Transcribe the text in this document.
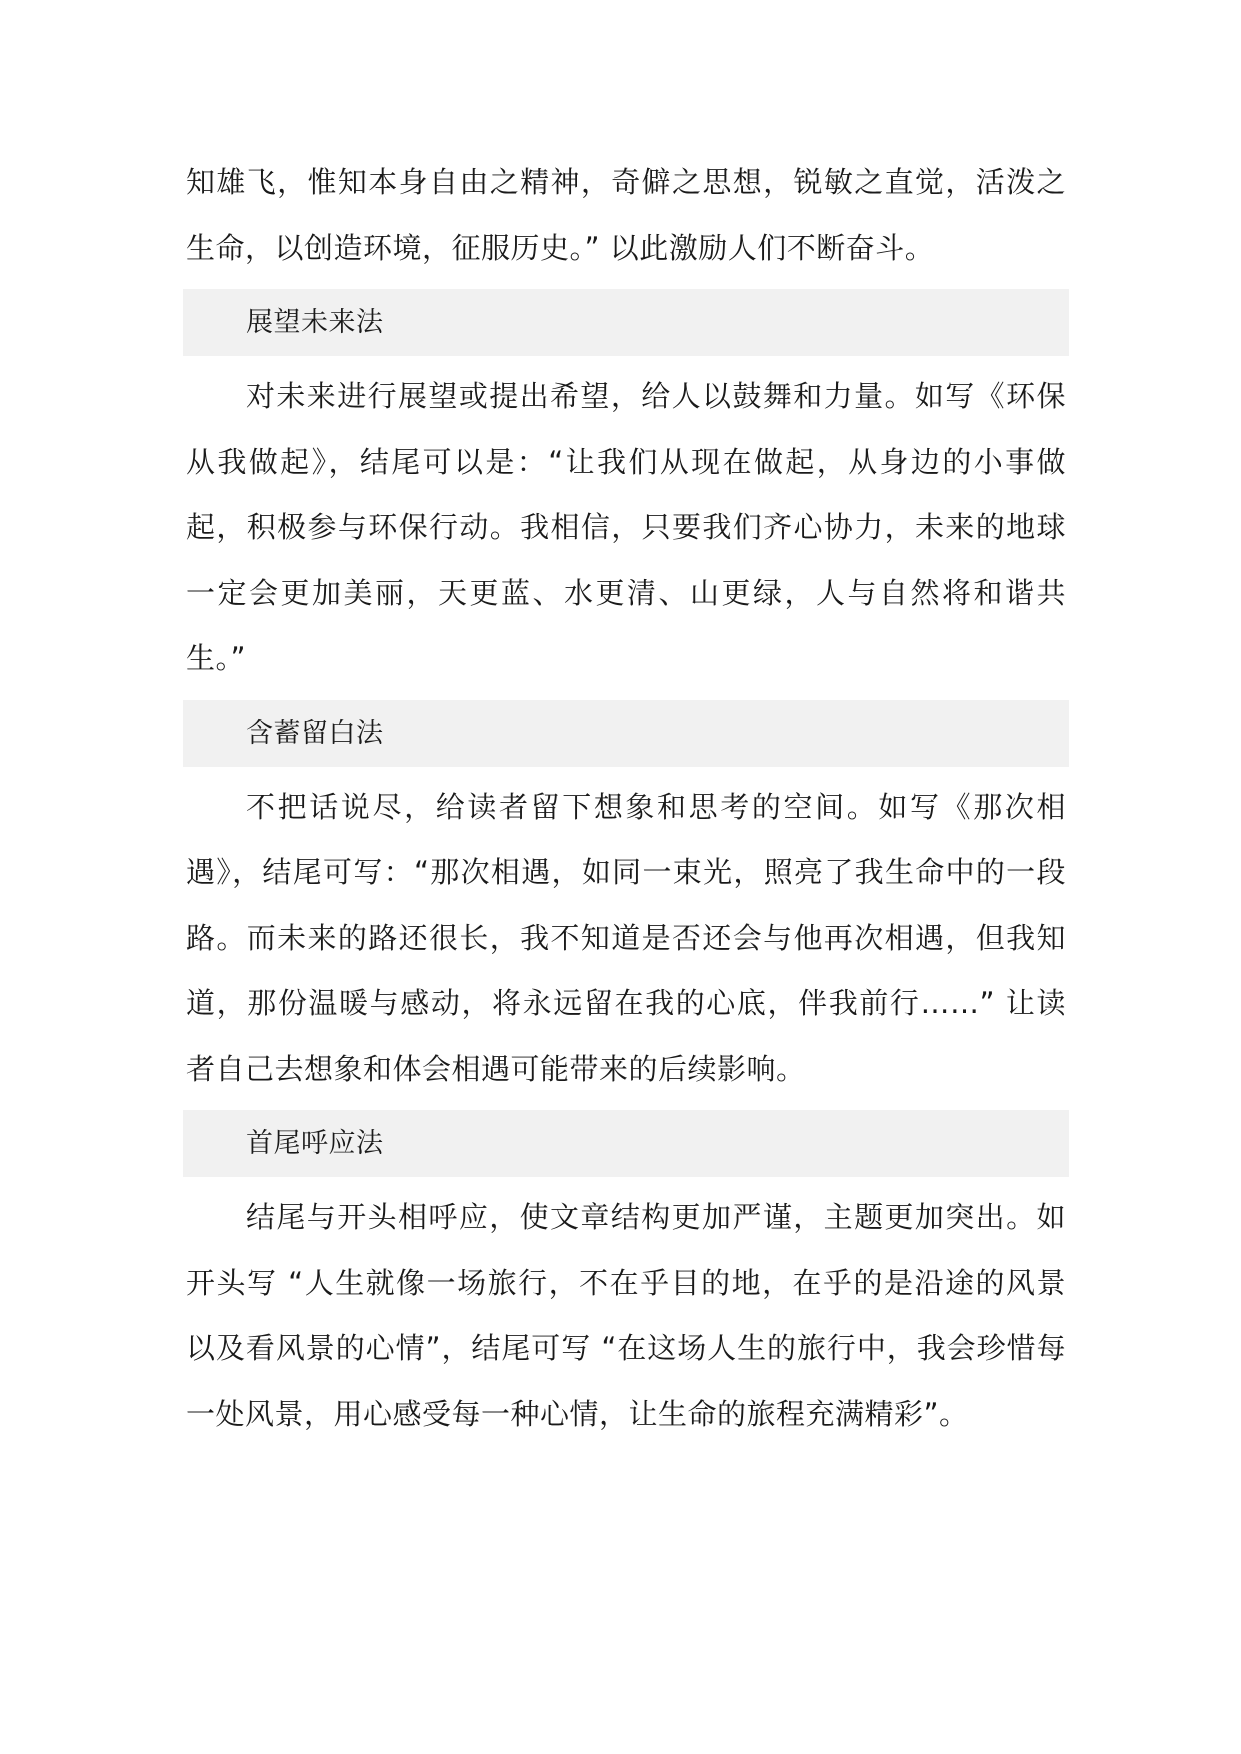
知雄飞，惟知本身自由之精神，奇僻之思想，锐敏之直觉，活泼之生命，以创造环境，征服历史。” 以此激励人们不断奋斗。

展望未来法

对未来进行展望或提出希望，给人以鼓舞和力量。如写《环保从我做起》，结尾可以是：“让我们从现在做起，从身边的小事做起，积极参与环保行动。我相信，只要我们齐心协力，未来的地球一定会更加美丽，天更蓝、水更清、山更绿，人与自然将和谐共生。”

含蓄留白法

不把话说尽，给读者留下想象和思考的空间。如写《那次相遇》，结尾可写：“那次相遇，如同一束光，照亮了我生命中的一段路。而未来的路还很长，我不知道是否还会与他再次相遇，但我知道，那份温暖与感动，将永远留在我的心底，伴我前行……” 让读者自己去想象和体会相遇可能带来的后续影响。

首尾呼应法

结尾与开头相呼应，使文章结构更加严谨，主题更加突出。如开头写 “人生就像一场旅行，不在乎目的地，在乎的是沿途的风景以及看风景的心情”，结尾可写 “在这场人生的旅行中，我会珍惜每一处风景，用心感受每一种心情，让生命的旅程充满精彩”。
